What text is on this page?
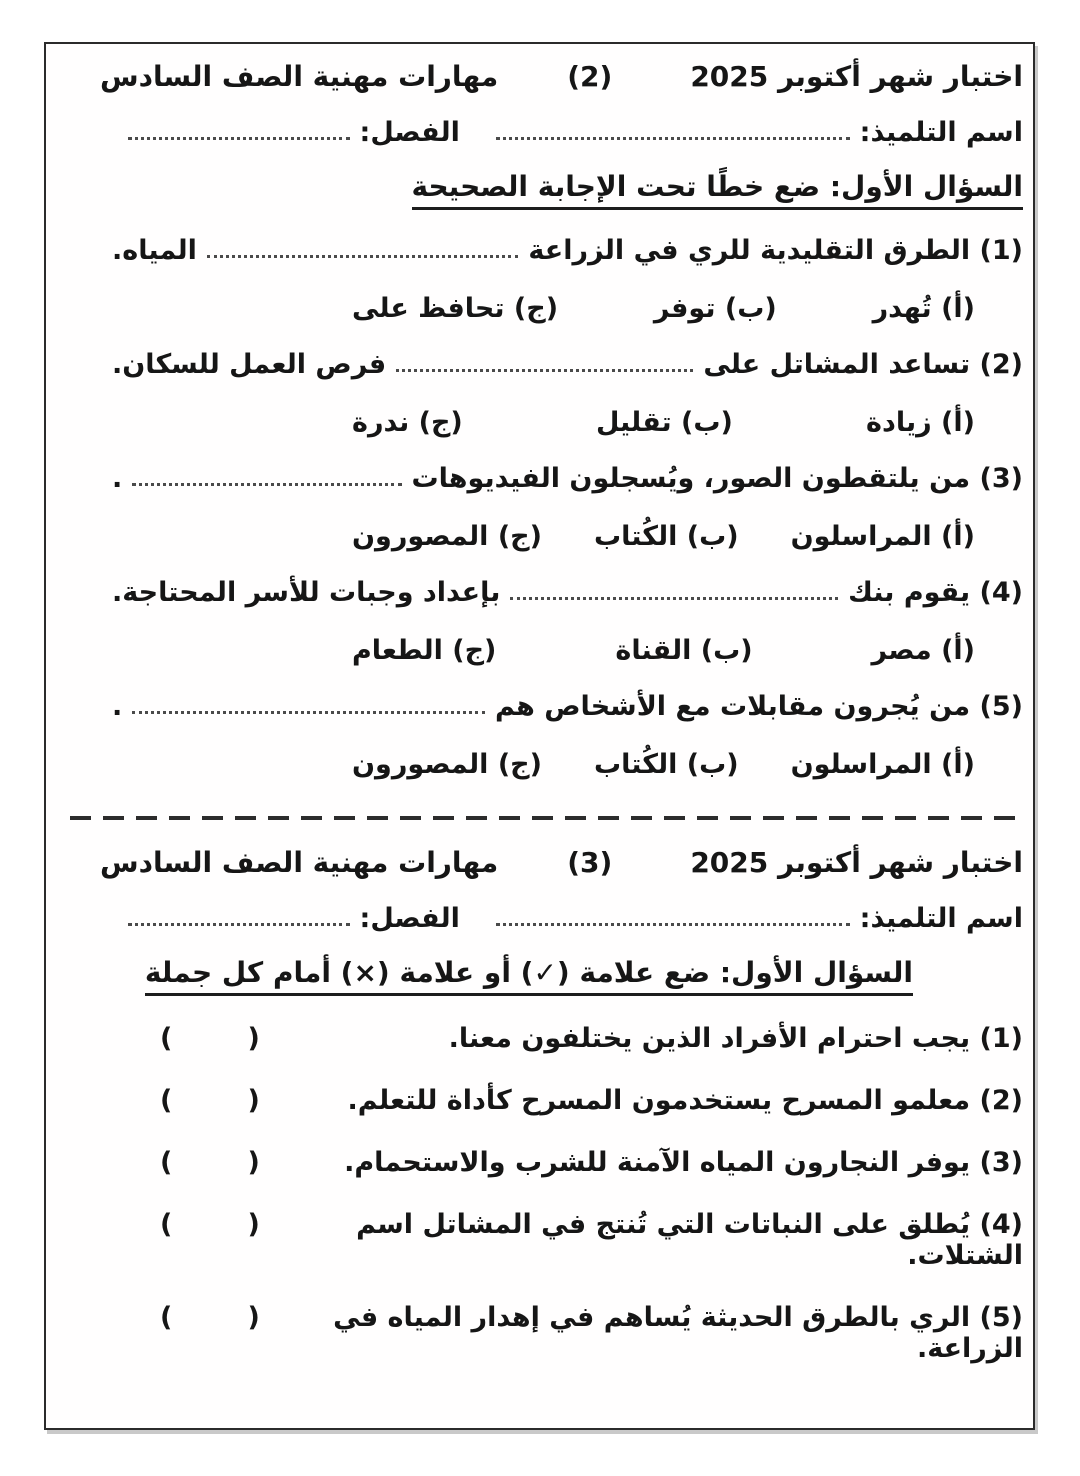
اختبار شهر أكتوبر 2025
(2)
مهارات مهنية الصف السادس
اسم التلميذ:
الفصل:
السؤال الأول: ضع خطًا تحت الإجابة الصحيحة
(1) الطرق التقليدية للري في الزراعة
المياه.
(أ) تُهدر
(ب) توفر
(ج) تحافظ على
(2) تساعد المشاتل على
فرص العمل للسكان.
(أ) زيادة
(ب) تقليل
(ج) ندرة
(3) من يلتقطون الصور، ويُسجلون الفيديوهات
.
(أ) المراسلون
(ب) الكُتاب
(ج) المصورون
(4) يقوم بنك
بإعداد وجبات للأسر المحتاجة.
(أ) مصر
(ب) القناة
(ج) الطعام
(5) من يُجرون مقابلات مع الأشخاص هم
.
(أ) المراسلون
(ب) الكُتاب
(ج) المصورون
اختبار شهر أكتوبر 2025
(3)
مهارات مهنية الصف السادس
اسم التلميذ:
الفصل:
السؤال الأول: ضع علامة (✓) أو علامة (×) أمام كل جملة
(1) يجب احترام الأفراد الذين يختلفون معنا.
(        )
(2) معلمو المسرح يستخدمون المسرح كأداة للتعلم.
(        )
(3) يوفر النجارون المياه الآمنة للشرب والاستحمام.
(        )
(4) يُطلق على النباتات التي تُنتج في المشاتل اسم الشتلات.
(        )
(5) الري بالطرق الحديثة يُساهم في إهدار المياه في الزراعة.
(        )
